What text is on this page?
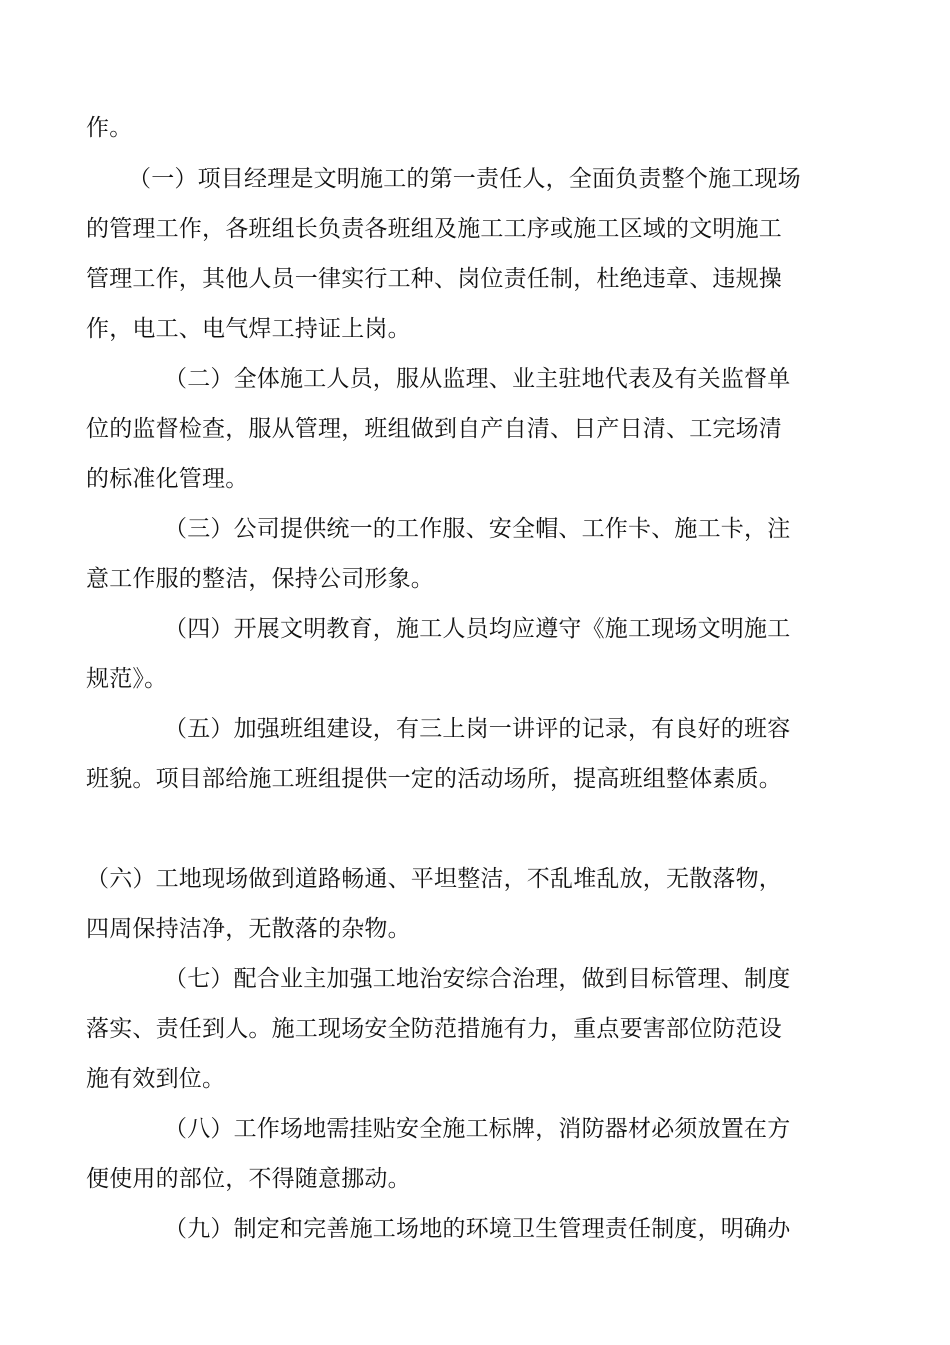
作。
（一）项目经理是文明施工的第一责任人，全面负责整个施工现场
的管理工作，各班组长负责各班组及施工工序或施工区域的文明施工
管理工作，其他人员一律实行工种、岗位责任制，杜绝违章、违规操
作，电工、电气焊工持证上岗。
（二）全体施工人员，服从监理、业主驻地代表及有关监督单
位的监督检查，服从管理，班组做到自产自清、日产日清、工完场清
的标准化管理。
（三）公司提供统一的工作服、安全帽、工作卡、施工卡，注
意工作服的整洁，保持公司形象。
（四）开展文明教育，施工人员均应遵守《施工现场文明施工
规范》。
（五）加强班组建设，有三上岗一讲评的记录，有良好的班容
班貌。项目部给施工班组提供一定的活动场所，提高班组整体素质。
（六）工地现场做到道路畅通、平坦整洁，不乱堆乱放，无散落物，
四周保持洁净，无散落的杂物。
（七）配合业主加强工地治安综合治理，做到目标管理、制度
落实、责任到人。施工现场安全防范措施有力，重点要害部位防范设
施有效到位。
（八）工作场地需挂贴安全施工标牌，消防器材必须放置在方
便使用的部位，不得随意挪动。
（九）制定和完善施工场地的环境卫生管理责任制度，明确办
